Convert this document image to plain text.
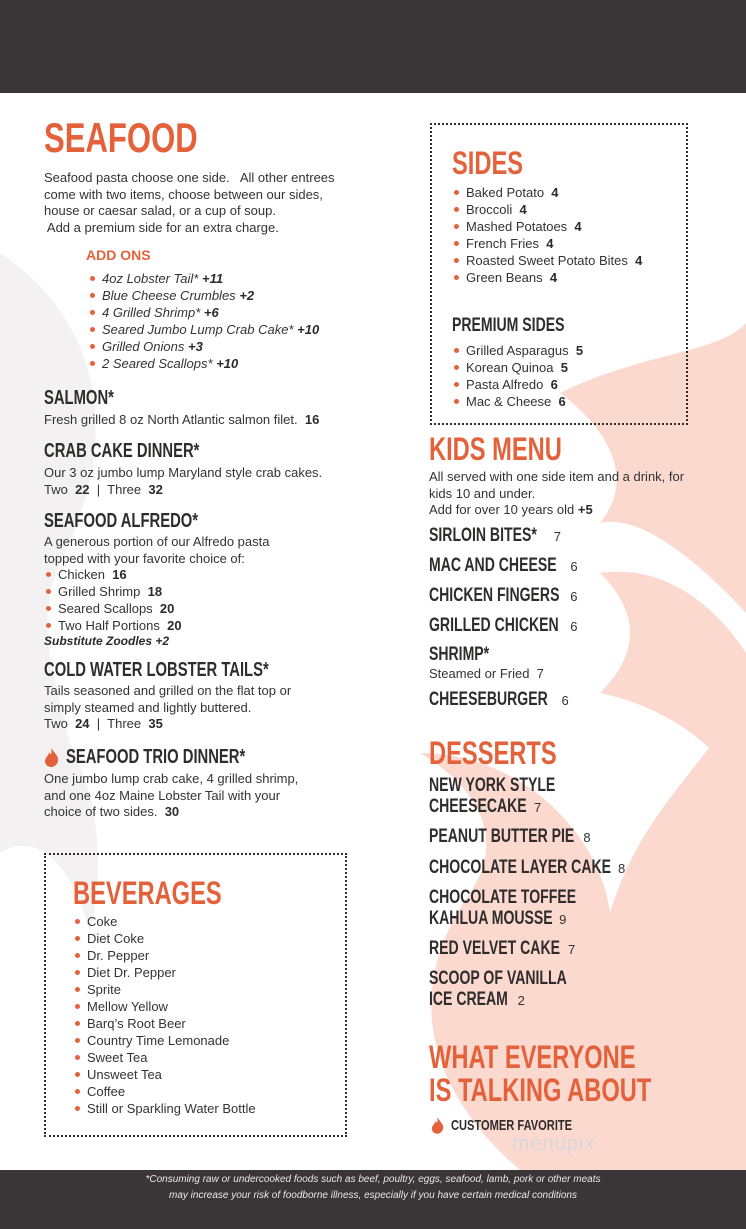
SEAFOOD
Seafood pasta choose one side.   All other entrees
come with two items, choose between our sides,
house or caesar salad, or a cup of soup.
Add a premium side for an extra charge.
ADD ONS
4oz Lobster Tail* +11
Blue Cheese Crumbles +2
4 Grilled Shrimp* +6
Seared Jumbo Lump Crab Cake* +10
Grilled Onions +3
2 Seared Scallops* +10
SALMON*
Fresh grilled 8 oz North Atlantic salmon filet. 16
CRAB CAKE DINNER*
Our 3 oz jumbo lump Maryland style crab cakes.
Two 22 | Three 32
SEAFOOD ALFREDO*
A generous portion of our Alfredo pasta
topped with your favorite choice of:
Chicken 16
Grilled Shrimp 18
Seared Scallops 20
Two Half Portions 20
Substitute Zoodles +2
COLD WATER LOBSTER TAILS*
Tails seasoned and grilled on the flat top or
simply steamed and lightly buttered.
Two 24 | Three 35
SEAFOOD TRIO DINNER*
One jumbo lump crab cake, 4 grilled shrimp,
and one 4oz Maine Lobster Tail with your
choice of two sides. 30
BEVERAGES
Coke
Diet Coke
Dr. Pepper
Diet Dr. Pepper
Sprite
Mellow Yellow
Barq’s Root Beer
Country Time Lemonade
Sweet Tea
Unsweet Tea
Coffee
Still or Sparkling Water Bottle
SIDES
Baked Potato 4
Broccoli 4
Mashed Potatoes 4
French Fries 4
Roasted Sweet Potato Bites 4
Green Beans 4
PREMIUM SIDES
Grilled Asparagus 5
Korean Quinoa 5
Pasta Alfredo 6
Mac & Cheese 6
KIDS MENU
All served with one side item and a drink, for
kids 10 and under.
Add for over 10 years old +5
SIRLOIN BITES* 7
MAC AND CHEESE 6
CHICKEN FINGERS 6
GRILLED CHICKEN 6
SHRIMP*
Steamed or Fried 7
CHEESEBURGER 6
DESSERTS
NEW YORK STYLE
CHEESECAKE 7
PEANUT BUTTER PIE 8
CHOCOLATE LAYER CAKE 8
CHOCOLATE TOFFEE
KAHLUA MOUSSE 9
RED VELVET CAKE 7
SCOOP OF VANILLA
ICE CREAM 2
WHAT EVERYONE
IS TALKING ABOUT
CUSTOMER FAVORITE
menupix
*Consuming raw or undercooked foods such as beef, poultry, eggs, seafood, lamb, pork or other meats
may increase your risk of foodborne illness, especially if you have certain medical conditions
